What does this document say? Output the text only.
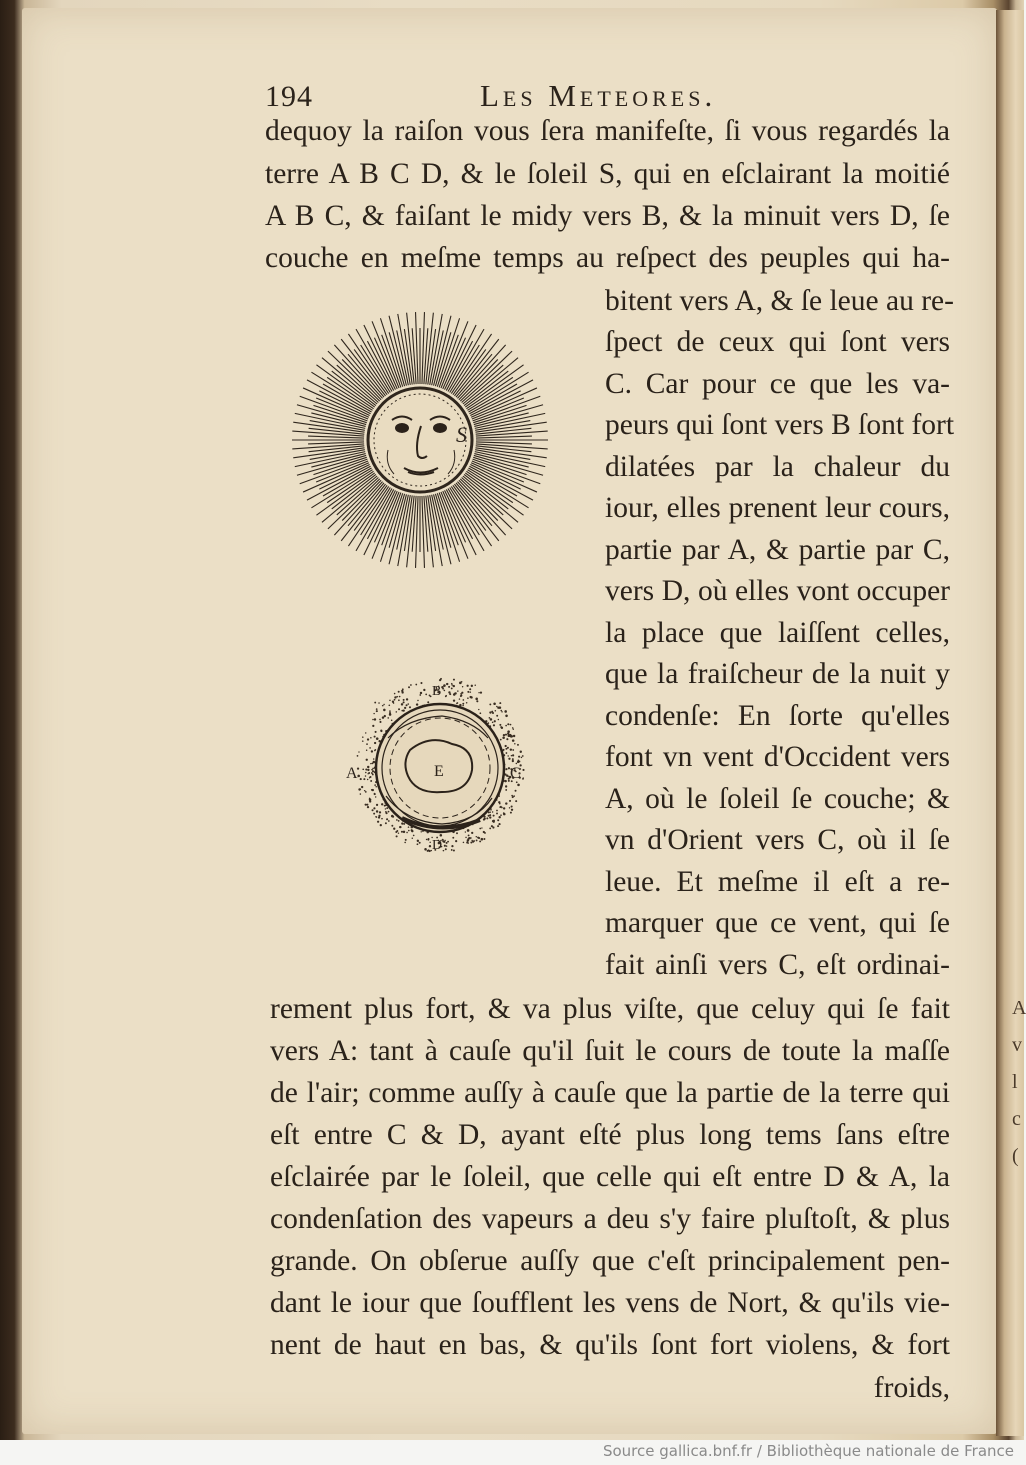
A
v
l
c
(
194	Les Meteores.
dequoy la raiſon vous ſera manifeſte, ſi vous regardés la
terre A B C D, & le ſoleil S, qui en eſclairant la moitié
A B C, & faiſant le midy vers B, & la minuit vers D, ſe
couche en meſme temps au reſpect des peuples qui ha-
bitent vers A, & ſe leue au re-
ſpect de ceux qui ſont vers
C. Car pour ce que les va-
peurs qui ſont vers B ſont fort
dilatées par la chaleur du
iour, elles prenent leur cours,
partie par A, & partie par C,
vers D, où elles vont occuper
la place que laiſſent celles,
que la fraiſcheur de la nuit y
condenſe: En ſorte qu'elles
font vn vent d'Occident vers
A, où le ſoleil ſe couche; &
vn d'Orient vers C, où il ſe
leue. Et meſme il eſt a re-
marquer que ce vent, qui ſe
fait ainſi vers C, eſt ordinai-
rement plus fort, & va plus viſte, que celuy qui ſe fait
vers A: tant à cauſe qu'il ſuit le cours de toute la maſſe
de l'air; comme auſſy à cauſe que la partie de la terre qui
eſt entre C & D, ayant eſté plus long tems ſans eſtre
eſclairée par le ſoleil, que celle qui eſt entre D & A, la
condenſation des vapeurs a deu s'y faire pluſtoſt, & plus
grande. On obſerue auſſy que c'eſt principalement pen-
dant le iour que ſoufflent les vens de Nort, & qu'ils vie-
nent de haut en bas, & qu'ils ſont fort violens, & fort
froids,
S
B
A	C
D
E
Source gallica.bnf.fr / Bibliothèque nationale de France
